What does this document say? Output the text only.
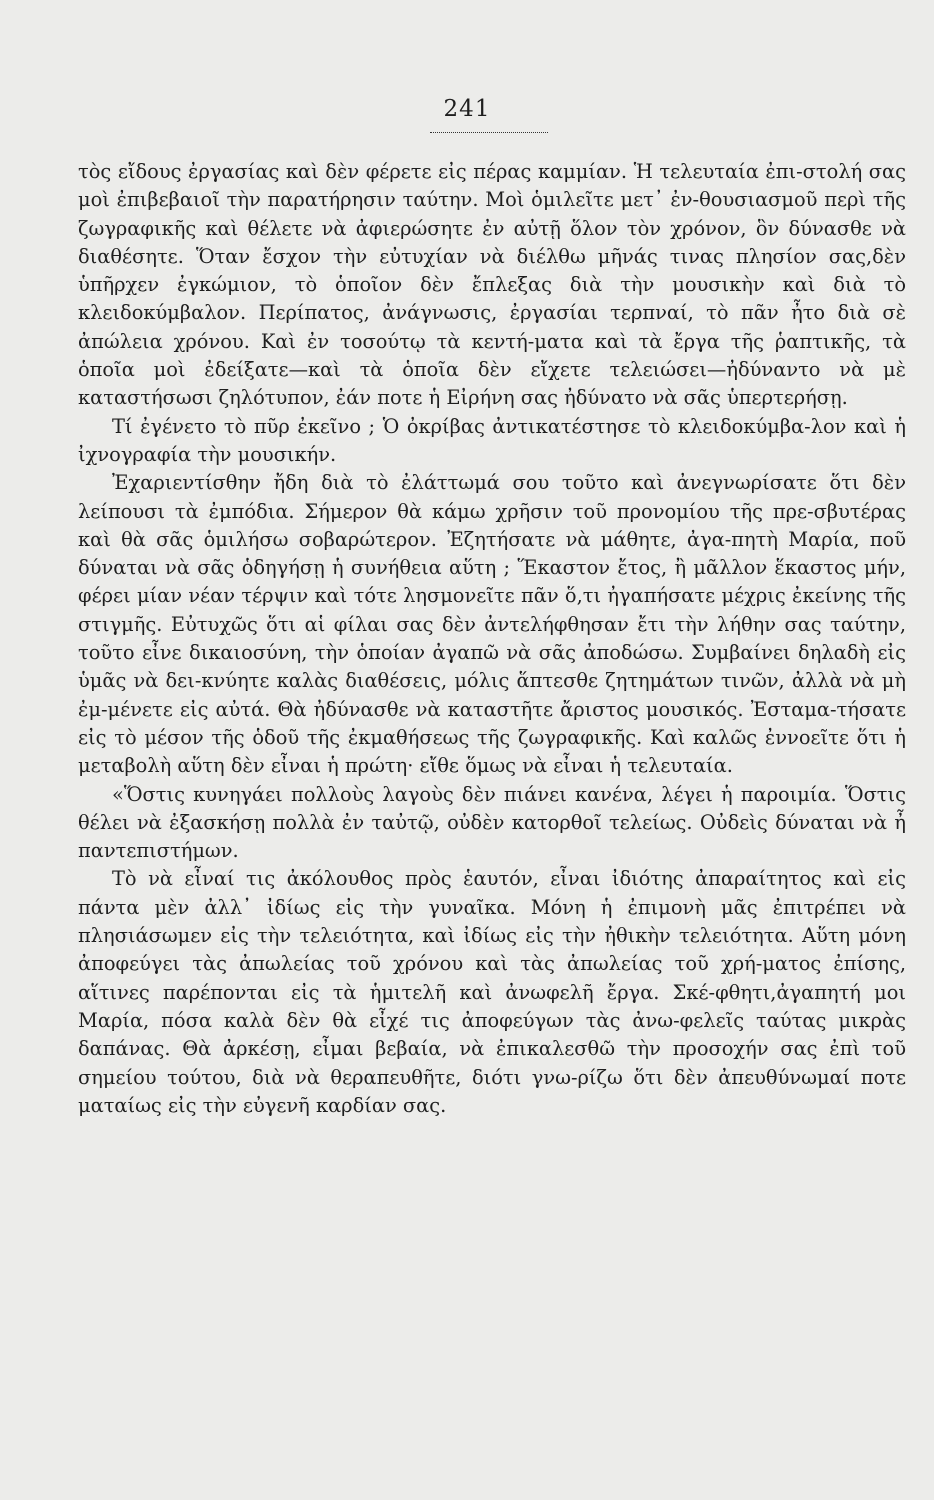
241

τὸς εἴδους ἐργασίας καὶ δὲν φέρετε εἰς πέρας καμμίαν. Ἡ τελευταία ἐπι-στολή σας μοὶ ἐπιβεβαιοῖ τὴν παρατήρησιν ταύτην. Μοὶ ὁμιλεῖτε μετ᾽ ἐν-θουσιασμοῦ περὶ τῆς ζωγραφικῆς καὶ θέλετε νὰ ἀφιερώσητε ἐν αὐτῇ ὅλον τὸν χρόνον, ὃν δύνασθε νὰ διαθέσητε. Ὅταν ἔσχον τὴν εὐτυχίαν νὰ διέλθω μῆνάς τινας πλησίον σας,δὲν ὑπῆρχεν ἐγκώμιον, τὸ ὁποῖον δὲν ἔπλεξας διὰ τὴν μουσικὴν καὶ διὰ τὸ κλειδοκύμβαλον. Περίπατος, ἀνάγνωσις, ἐργασίαι τερπναί, τὸ πᾶν ἦτο διὰ σὲ ἀπώλεια χρόνου. Καὶ ἐν τοσούτῳ τὰ κεντή-ματα καὶ τὰ ἔργα τῆς ῥαπτικῆς, τὰ ὁποῖα μοὶ ἐδείξατε—καὶ τὰ ὁποῖα δὲν εἴχετε τελειώσει—ἠδύναντο νὰ μὲ καταστήσωσι ζηλότυπον, ἐάν ποτε ἡ Εἰρήνη σας ἠδύνατο νὰ σᾶς ὑπερτερήσῃ.

Τί ἐγένετο τὸ πῦρ ἐκεῖνο ; Ὁ ὀκρίβας ἀντικατέστησε τὸ κλειδοκύμβα-λον καὶ ἡ ἰχνογραφία τὴν μουσικήν.

Ἐχαριεντίσθην ἤδη διὰ τὸ ἐλάττωμά σου τοῦτο καὶ ἀνεγνωρίσατε ὅτι δὲν λείπουσι τὰ ἐμπόδια. Σήμερον θὰ κάμω χρῆσιν τοῦ προνομίου τῆς πρε-σβυτέρας καὶ θὰ σᾶς ὁμιλήσω σοβαρώτερον. Ἐζητήσατε νὰ μάθητε, ἀγα-πητὴ Μαρία, ποῦ δύναται νὰ σᾶς ὁδηγήσῃ ἡ συνήθεια αὕτη ; Ἕκαστον ἔτος, ἢ μᾶλλον ἕκαστος μήν, φέρει μίαν νέαν τέρψιν καὶ τότε λησμονεῖτε πᾶν ὅ,τι ἠγαπήσατε μέχρις ἐκείνης τῆς στιγμῆς. Εὐτυχῶς ὅτι αἱ φίλαι σας δὲν ἀντελήφθησαν ἔτι τὴν λήθην σας ταύτην, τοῦτο εἶνε δικαιοσύνη, τὴν ὁποίαν ἀγαπῶ νὰ σᾶς ἀποδώσω. Συμβαίνει δηλαδὴ εἰς ὑμᾶς νὰ δει-κνύητε καλὰς διαθέσεις, μόλις ἅπτεσθε ζητημάτων τινῶν, ἀλλὰ νὰ μὴ ἐμ-μένετε εἰς αὐτά. Θὰ ἠδύνασθε νὰ καταστῆτε ἄριστος μουσικός. Ἐσταμα-τήσατε εἰς τὸ μέσον τῆς ὁδοῦ τῆς ἐκμαθήσεως τῆς ζωγραφικῆς. Καὶ καλῶς ἐννοεῖτε ὅτι ἡ μεταβολὴ αὕτη δὲν εἶναι ἡ πρώτη· εἴθε ὅμως νὰ εἶναι ἡ τελευταία.

«Ὅστις κυνηγάει πολλοὺς λαγοὺς δὲν πιάνει κανένα, λέγει ἡ παροιμία. Ὅστις θέλει νὰ ἐξασκήσῃ πολλὰ ἐν ταὐτῷ, οὐδὲν κατορθοῖ τελείως. Οὐδεὶς δύναται νὰ ἦ παντεπιστήμων.

Τὸ νὰ εἶναί τις ἀκόλουθος πρὸς ἑαυτόν, εἶναι ἰδιότης ἀπαραίτητος καὶ εἰς πάντα μὲν ἀλλ᾽ ἰδίως εἰς τὴν γυναῖκα. Μόνη ἡ ἐπιμονὴ μᾶς ἐπιτρέπει νὰ πλησιάσωμεν εἰς τὴν τελειότητα, καὶ ἰδίως εἰς τὴν ἠθικὴν τελειότητα. Αὕτη μόνη ἀποφεύγει τὰς ἀπωλείας τοῦ χρόνου καὶ τὰς ἀπωλείας τοῦ χρή-ματος ἐπίσης, αἵτινες παρέπονται εἰς τὰ ἡμιτελῆ καὶ ἀνωφελῆ ἔργα. Σκέ-φθητι,ἀγαπητή μοι Μαρία, πόσα καλὰ δὲν θὰ εἶχέ τις ἀποφεύγων τὰς ἀνω-φελεῖς ταύτας μικρὰς δαπάνας. Θὰ ἀρκέσῃ, εἶμαι βεβαία, νὰ ἐπικαλεσθῶ τὴν προσοχήν σας ἐπὶ τοῦ σημείου τούτου, διὰ νὰ θεραπευθῆτε, διότι γνω-ρίζω ὅτι δὲν ἀπευθύνωμαί ποτε ματαίως εἰς τὴν εὐγενῆ καρδίαν σας.
